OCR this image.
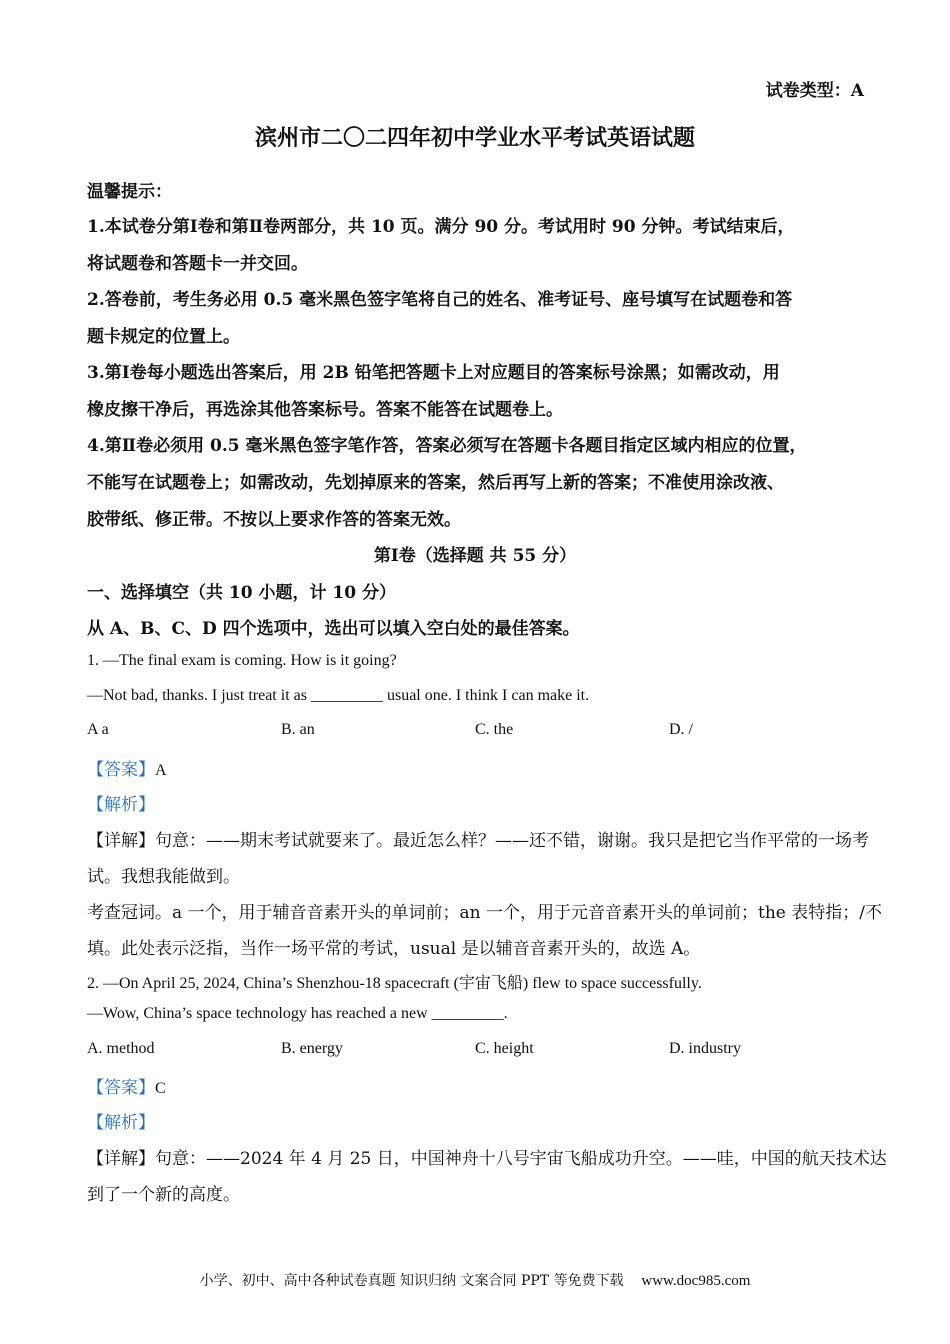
试卷类型：A
滨州市二〇二四年初中学业水平考试英语试题
温馨提示：
1.本试卷分第Ⅰ卷和第Ⅱ卷两部分，共 10 页。满分 90 分。考试用时 90 分钟。考试结束后，
将试题卷和答题卡一并交回。
2.答卷前，考生务必用 0.5 毫米黑色签字笔将自己的姓名、准考证号、座号填写在试题卷和答
题卡规定的位置上。
3.第Ⅰ卷每小题选出答案后，用 2B 铅笔把答题卡上对应题目的答案标号涂黑；如需改动，用
橡皮擦干净后，再选涂其他答案标号。答案不能答在试题卷上。
4.第Ⅱ卷必须用 0.5 毫米黑色签字笔作答，答案必须写在答题卡各题目指定区域内相应的位置，
不能写在试题卷上；如需改动，先划掉原来的答案，然后再写上新的答案；不准使用涂改液、
胶带纸、修正带。不按以上要求作答的答案无效。
第Ⅰ卷（选择题 共 55 分）
一、选择填空（共 10 小题，计 10 分）
从 A、B、C、D 四个选项中，选出可以填入空白处的最佳答案。
1. —The final exam is coming. How is it going?
—Not bad, thanks. I just treat it as _________ usual one. I think I can make it.
A a	B. an	C. the	D. /
【答案】A
【解析】
【详解】句意：——期末考试就要来了。最近怎么样？——还不错，谢谢。我只是把它当作平常的一场考
试。我想我能做到。
考查冠词。a 一个，用于辅音音素开头的单词前；an 一个，用于元音音素开头的单词前；the 表特指；/不
填。此处表示泛指，当作一场平常的考试，usual 是以辅音音素开头的，故选 A。
2. —On April 25, 2024, China’s Shenzhou-18 spacecraft (宇宙飞船) flew to space successfully.
—Wow, China’s space technology has reached a new _________.
A. method	B. energy	C. height	D. industry
【答案】C
【解析】
【详解】句意：——2024 年 4 月 25 日，中国神舟十八号宇宙飞船成功升空。——哇，中国的航天技术达
到了一个新的高度。
小学、初中、高中各种试卷真题 知识归纳 文案合同 PPT 等免费下载 www.doc985.com
